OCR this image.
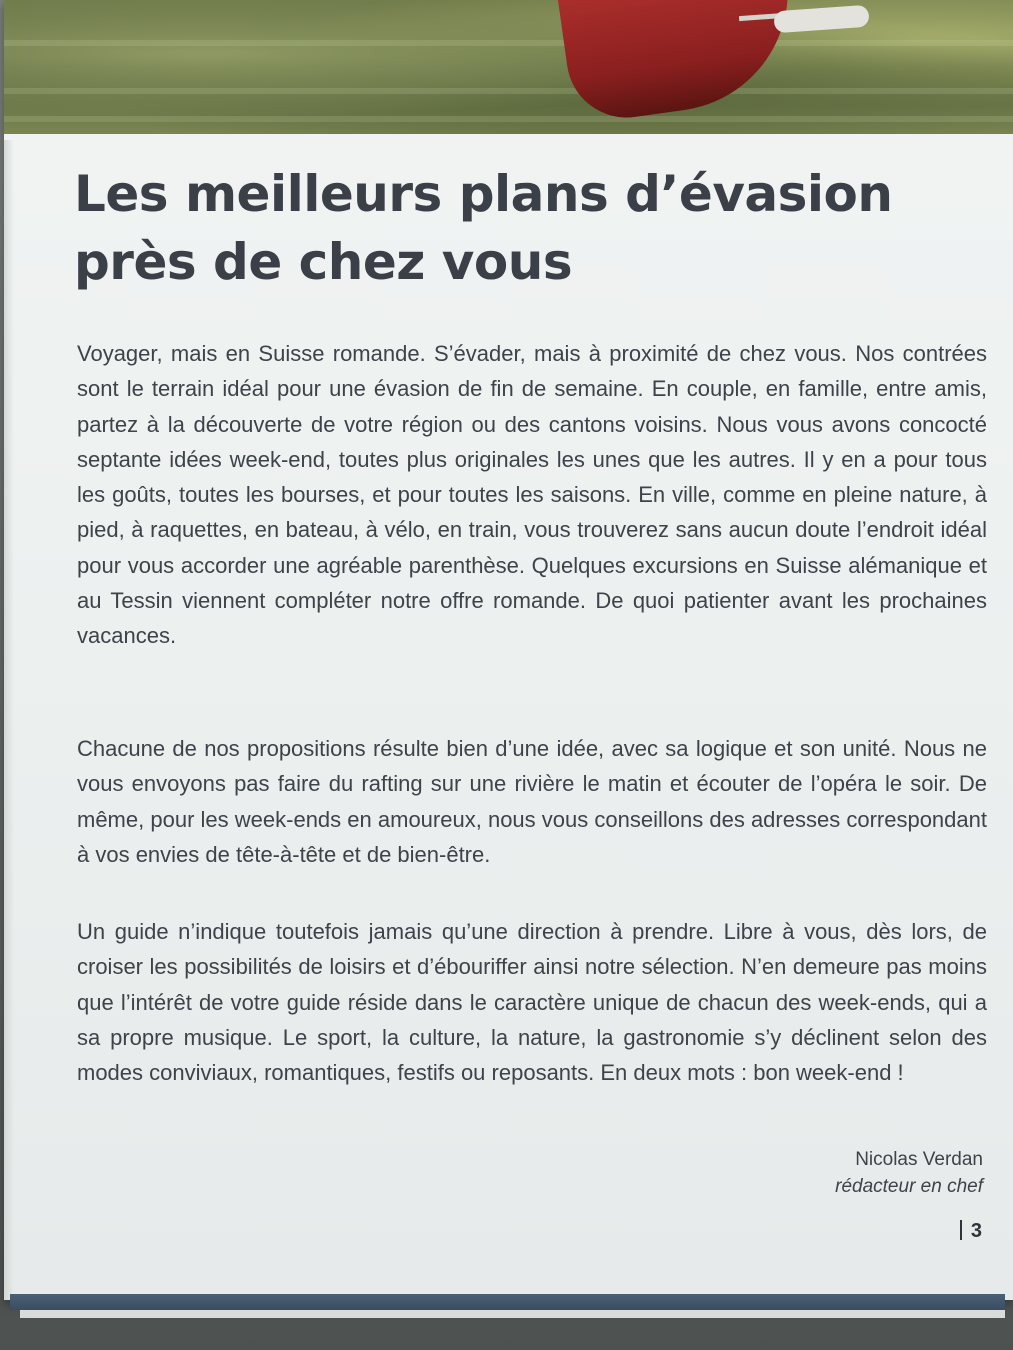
Les meilleurs plans d’évasion
près de chez vous

Voyager, mais en Suisse romande. S’évader, mais à proximité de chez vous. Nos contrées sont le terrain idéal pour une évasion de fin de semaine. En couple, en famille, entre amis, partez à la découverte de votre région ou des cantons voisins. Nous vous avons concocté septante idées week-end, toutes plus originales les unes que les autres. Il y en a pour tous les goûts, toutes les bourses, et pour toutes les saisons. En ville, comme en pleine nature, à pied, à raquettes, en bateau, à vélo, en train, vous trouverez sans aucun doute l’endroit idéal pour vous accorder une agréable parenthèse. Quelques excursions en Suisse alémanique et au Tessin viennent compléter notre offre romande. De quoi patienter avant les prochaines vacances.

Chacune de nos propositions résulte bien d’une idée, avec sa logique et son unité. Nous ne vous envoyons pas faire du rafting sur une rivière le matin et écouter de l’opéra le soir. De même, pour les week-ends en amoureux, nous vous conseillons des adresses correspondant à vos envies de tête-à-tête et de bien-être.

Un guide n’indique toutefois jamais qu’une direction à prendre. Libre à vous, dès lors, de croiser les possibilités de loisirs et d’ébouriffer ainsi notre sélection. N’en demeure pas moins que l’intérêt de votre guide réside dans le caractère unique de chacun des week-ends, qui a sa propre musique. Le sport, la culture, la nature, la gastronomie s’y déclinent selon des modes conviviaux, romantiques, festifs ou reposants. En deux mots : bon week-end !

Nicolas Verdan
rédacteur en chef
3
